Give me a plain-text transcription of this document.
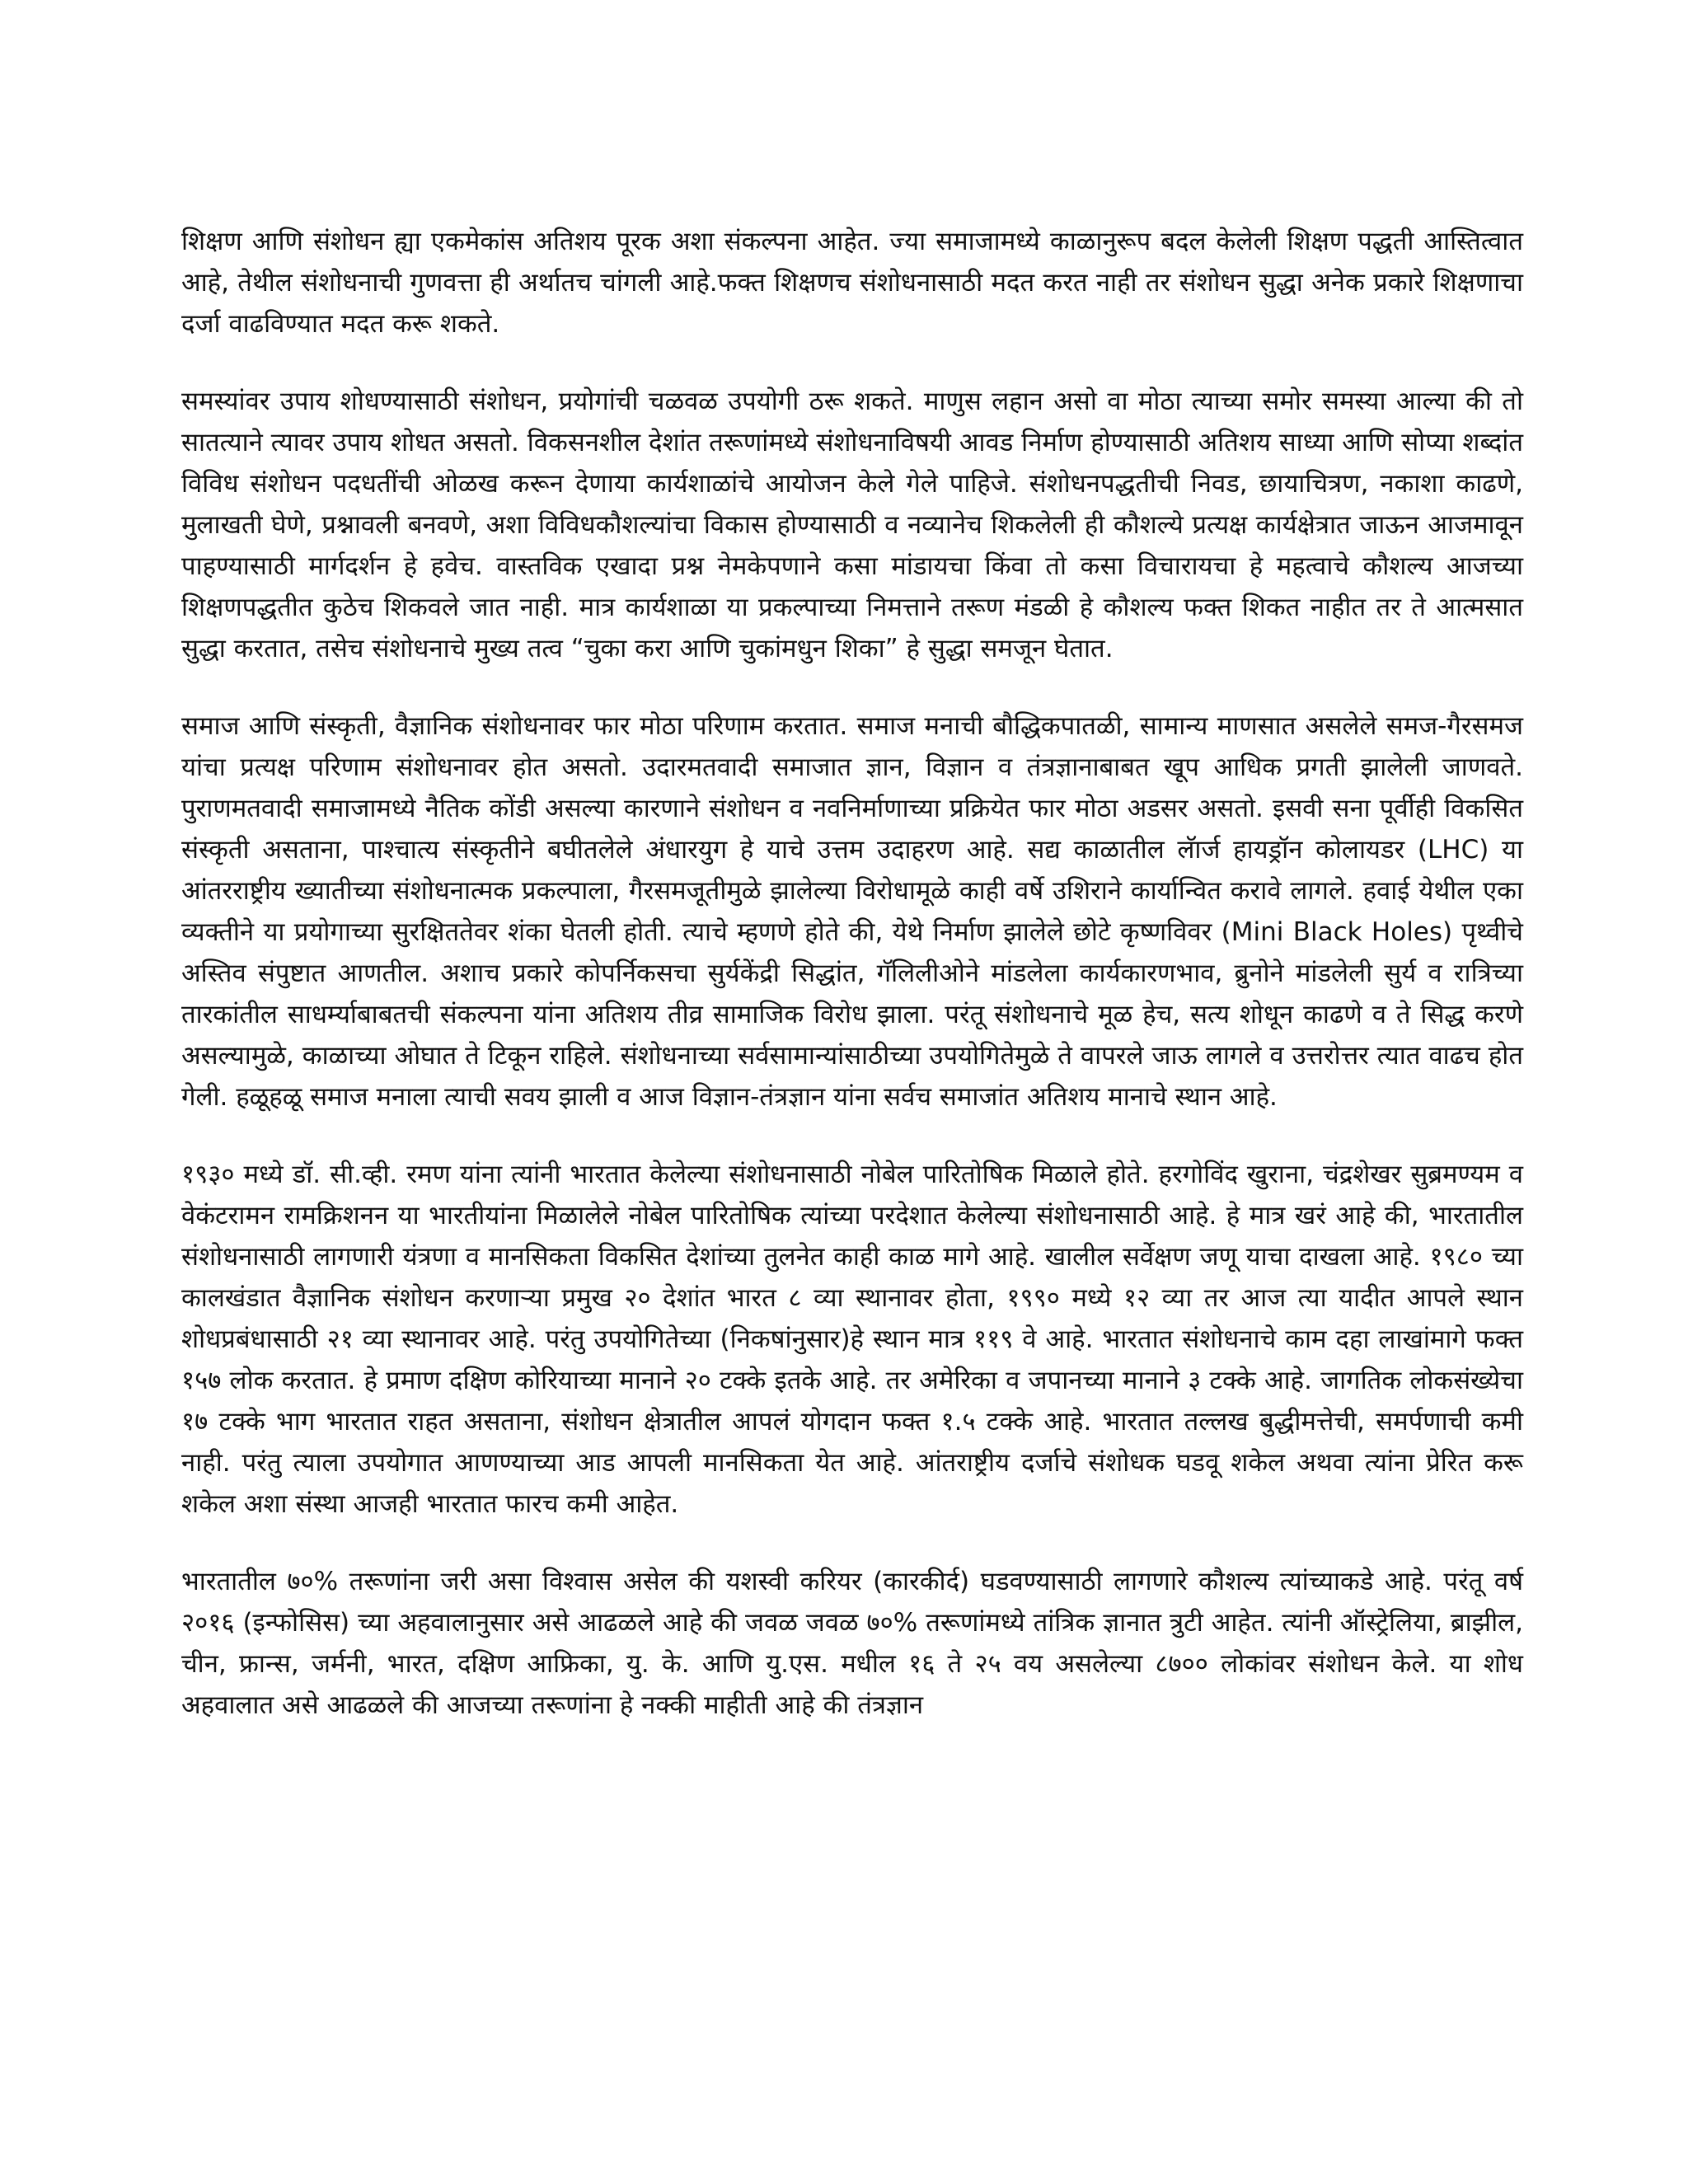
शिक्षण आणि संशोधन ह्या एकमेकांस अतिशय पूरक अशा संकल्पना आहेत. ज्या समाजामध्ये काळानुरूप बदल केलेली शिक्षण पद्धती आस्तित्वात आहे, तेथील संशोधनाची गुणवत्ता ही अर्थातच चांगली आहे.फक्त शिक्षणच संशोधनासाठी मदत करत नाही तर संशोधन सुद्धा अनेक प्रकारे शिक्षणाचा दर्जा वाढविण्यात मदत करू शकते.

समस्यांवर उपाय शोधण्यासाठी संशोधन, प्रयोगांची चळवळ उपयोगी ठरू शकते. माणुस लहान असो वा मोठा त्याच्या समोर समस्या आल्या की तो सातत्याने त्यावर उपाय शोधत असतो. विकसनशील देशांत तरूणांमध्ये संशोधनाविषयी आवड निर्माण होण्यासाठी अतिशय साध्या आणि सोप्या शब्दांत विविध संशोधन पदधतींची ओळख करून देणाया कार्यशाळांचे आयोजन केले गेले पाहिजे. संशोधनपद्धतीची निवड, छायाचित्रण, नकाशा काढणे, मुलाखती घेणे, प्रश्नावली बनवणे, अशा विविधकौशल्यांचा विकास होण्यासाठी व नव्यानेच शिकलेली ही कौशल्ये प्रत्यक्ष कार्यक्षेत्रात जाऊन आजमावून पाहण्यासाठी मार्गदर्शन हे हवेच. वास्तविक एखादा प्रश्न नेमकेपणाने कसा मांडायचा किंवा तो कसा विचारायचा हे महत्वाचे कौशल्य आजच्या शिक्षणपद्धतीत कुठेच शिकवले जात नाही. मात्र कार्यशाळा या प्रकल्पाच्या निमत्ताने तरूण मंडळी हे कौशल्य फक्त शिकत नाहीत तर ते आत्मसात सुद्धा करतात, तसेच संशोधनाचे मुख्य तत्व “चुका करा आणि चुकांमधुन शिका” हे सुद्धा समजून घेतात.

समाज आणि संस्कृती, वैज्ञानिक संशोधनावर फार मोठा परिणाम करतात. समाज मनाची बौद्धिकपातळी, सामान्य माणसात असलेले समज-गैरसमज यांचा प्रत्यक्ष परिणाम संशोधनावर होत असतो. उदारमतवादी समाजात ज्ञान, विज्ञान व तंत्रज्ञानाबाबत खूप आधिक प्रगती झालेली जाणवते. पुराणमतवादी समाजामध्ये नैतिक कोंडी असल्या कारणाने संशोधन व नवनिर्माणाच्या प्रक्रियेत फार मोठा अडसर असतो. इसवी सना पूर्वीही विकसित संस्कृती असताना, पाश्चात्य संस्कृतीने बघीतलेले अंधारयुग हे याचे उत्तम उदाहरण आहे. सद्य काळातील लॅार्ज हायड्रॉन कोलायडर (LHC) या आंतरराष्ट्रीय ख्यातीच्या संशोधनात्मक प्रकल्पाला, गैरसमजूतीमुळे झालेल्या विरोधामूळे काही वर्षे उशिराने कार्यान्वित करावे लागले. हवाई येथील एका व्यक्तीने या प्रयोगाच्या सुरक्षिततेवर शंका घेतली होती. त्याचे म्हणणे होते की, येथे निर्माण झालेले छोटे कृष्णविवर (Mini Black Holes) पृथ्वीचे अस्तिव संपुष्टात आणतील. अशाच प्रकारे कोपर्निकसचा सुर्यकेंद्री सिद्धांत, गॅलिलीओने मांडलेला कार्यकारणभाव, ब्रुनोने मांडलेली सुर्य व रात्रिच्या तारकांतील साधर्म्याबाबतची संकल्पना यांना अतिशय तीव्र सामाजिक विरोध झाला. परंतू संशोधनाचे मूळ हेच, सत्य शोधून काढणे व ते सिद्ध करणे असल्यामुळे, काळाच्या ओघात ते टिकून राहिले. संशोधनाच्या सर्वसामान्यांसाठीच्या उपयोगितेमुळे ते वापरले जाऊ लागले व उत्तरोत्तर त्यात वाढच होत गेली. हळूहळू समाज मनाला त्याची सवय झाली व आज विज्ञान-तंत्रज्ञान यांना सर्वच समाजांत अतिशय मानाचे स्थान आहे.

१९३० मध्ये डॉ. सी.व्ही. रमण यांना त्यांनी भारतात केलेल्या संशोधनासाठी नोबेल पारितोषिक मिळाले होते. हरगोविंद खुराना, चंद्रशेखर सुब्रमण्यम व वेकंटरामन रामक्रिशनन या भारतीयांना मिळालेले नोबेल पारितोषिक त्यांच्या परदेशात केलेल्या संशोधनासाठी आहे. हे मात्र खरं आहे की, भारतातील संशोधनासाठी लागणारी यंत्रणा व मानसिकता विकसित देशांच्या तुलनेत काही काळ मागे आहे. खालील सर्वेक्षण जणू याचा दाखला आहे. १९८० च्या कालखंडात वैज्ञानिक संशोधन करणाऱ्या प्रमुख २० देशांत भारत ८ व्या स्थानावर होता, १९९० मध्ये १२ व्या तर आज त्या यादीत आपले स्थान शोधप्रबंधासाठी २१ व्या स्थानावर आहे. परंतु उपयोगितेच्या (निकषांनुसार)हे स्थान मात्र ११९ वे आहे. भारतात संशोधनाचे काम दहा लाखांमागे फक्त १५७ लोक करतात. हे प्रमाण दक्षिण कोरियाच्या मानाने २० टक्के इतके आहे. तर अमेरिका व जपानच्या मानाने ३ टक्के आहे. जागतिक लोकसंख्येचा १७ टक्के भाग भारतात राहत असताना, संशोधन क्षेत्रातील आपलं योगदान फक्त १.५ टक्के आहे. भारतात तल्लख बुद्धीमत्तेची, समर्पणाची कमी नाही. परंतु त्याला उपयोगात आणण्याच्या आड आपली मानसिकता येत आहे. आंतराष्ट्रीय दर्जाचे संशोधक घडवू शकेल अथवा त्यांना प्रेरित करू शकेल अशा संस्था आजही भारतात फारच कमी आहेत.

भारतातील ७०% तरूणांना जरी असा विश्वास असेल की यशस्वी करियर (कारकीर्द) घडवण्यासाठी लागणारे कौशल्य त्यांच्याकडे आहे. परंतू वर्ष २०१६ (इन्फोसिस) च्या अहवालानुसार असे आढळले आहे की जवळ जवळ ७०% तरूणांमध्ये तांत्रिक ज्ञानात त्रुटी आहेत. त्यांनी ऑस्ट्रेलिया, ब्राझील, चीन, फ्रान्स, जर्मनी, भारत, दक्षिण आफ्रिका, यु. के. आणि यु.एस. मधील १६ ते २५ वय असलेल्या ८७०० लोकांवर संशोधन केले. या शोध अहवालात असे आढळले की आजच्या तरूणांना हे नक्की माहीती आहे की तंत्रज्ञान
